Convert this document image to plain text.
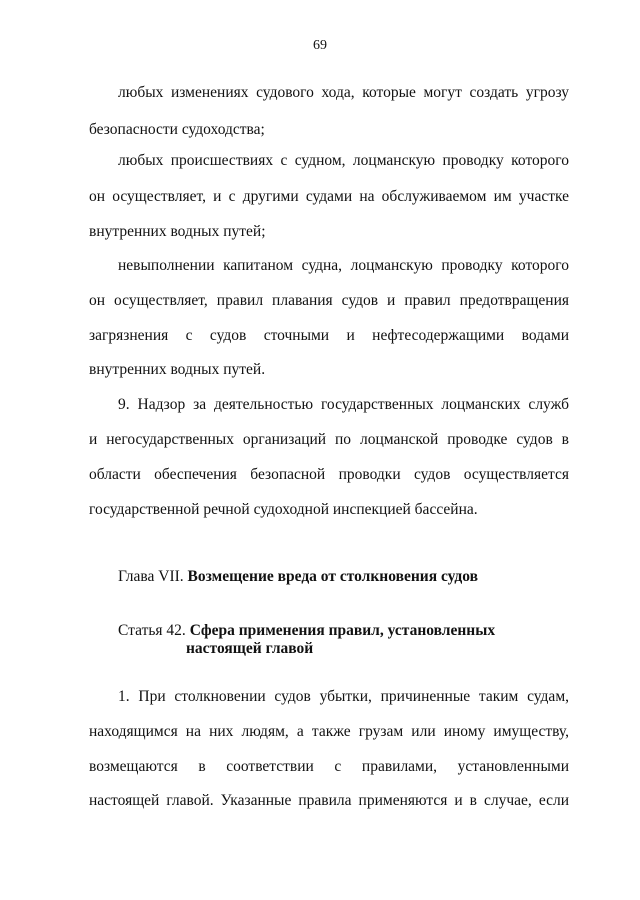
69
любых изменениях судового хода, которые могут создать угрозу
безопасности судоходства;
любых происшествиях с судном, лоцманскую проводку которого
он осуществляет, и с другими судами на обслуживаемом им участке
внутренних водных путей;
невыполнении капитаном судна, лоцманскую проводку которого
он осуществляет, правил плавания судов и правил предотвращения
загрязнения с судов сточными и нефтесодержащими водами
внутренних водных путей.
9. Надзор за деятельностью государственных лоцманских служб
и негосударственных организаций по лоцманской проводке судов в
области обеспечения безопасной проводки судов осуществляется
государственной речной судоходной инспекцией бассейна.
Глава VII. Возмещение вреда от столкновения судов
Статья 42. Сфера применения правил, установленных
настоящей главой
1. При столкновении судов убытки, причиненные таким судам,
находящимся на них людям, а также грузам или иному имуществу,
возмещаются в соответствии с правилами, установленными
настоящей главой. Указанные правила применяются и в случае, если
